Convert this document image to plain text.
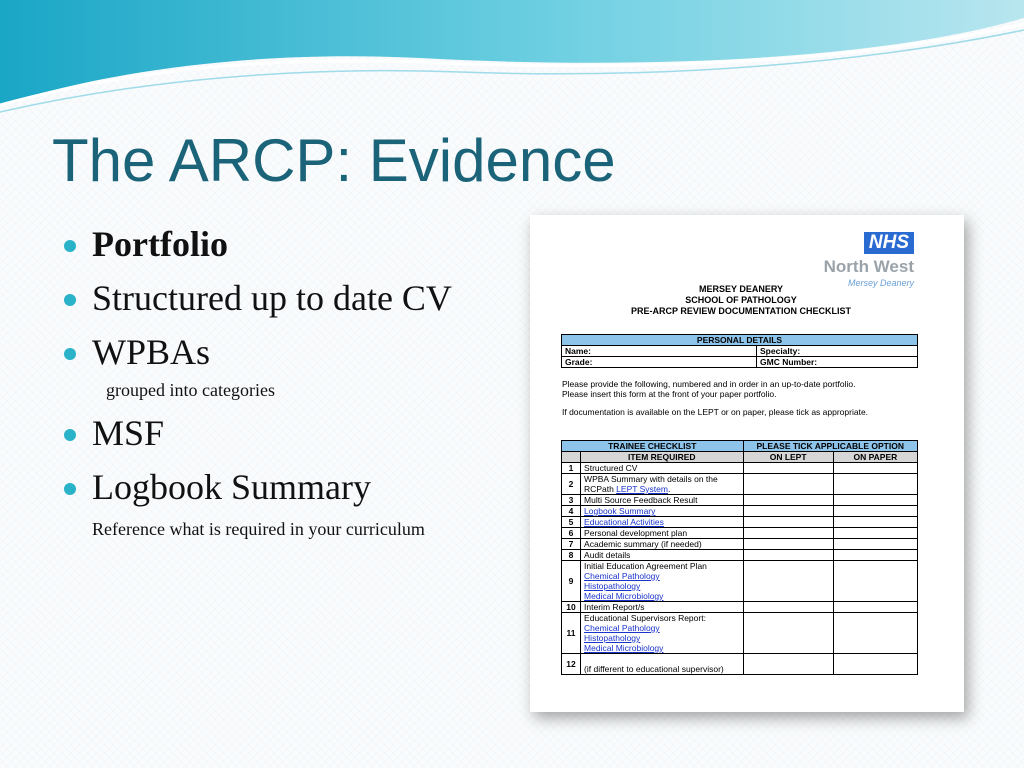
The ARCP: Evidence
Portfolio
Structured up to date CV
WPBAs
grouped into categories
MSF
Logbook Summary
Reference what is required in your curriculum
NHS
North West
Mersey Deanery
MERSEY DEANERY
SCHOOL OF PATHOLOGY
PRE-ARCP REVIEW DOCUMENTATION CHECKLIST
PERSONAL DETAILS	
Name:	Specialty:
Grade:	GMC Number:

Please provide the following, numbered and in order in an up-to-date portfolio.

Please insert this form at the front of your paper portfolio.

If documentation is available on the LEPT or on paper, please tick as appropriate.

TRAINEE CHECKLIST		PLEASE TICK APPLICABLE OPTION	
	ITEM REQUIRED	ON LEPT	ON PAPER
1	Structured CV		

2	WPBA Summary with details on the
RCPath LEPT System.		

3	Multi Source Feedback Result		

4	Logbook Summary		

5	Educational Activities		

6	Personal development plan		

7	Academic summary (if needed)		

8	Audit details		

9	Initial Education Agreement Plan
Chemical Pathology
Histopathology
Medical Microbiology		

10	Interim Report/s		

11	Educational Supervisors Report:
Chemical Pathology
Histopathology
Medical Microbiology		

12	(if different to educational supervisor)		
